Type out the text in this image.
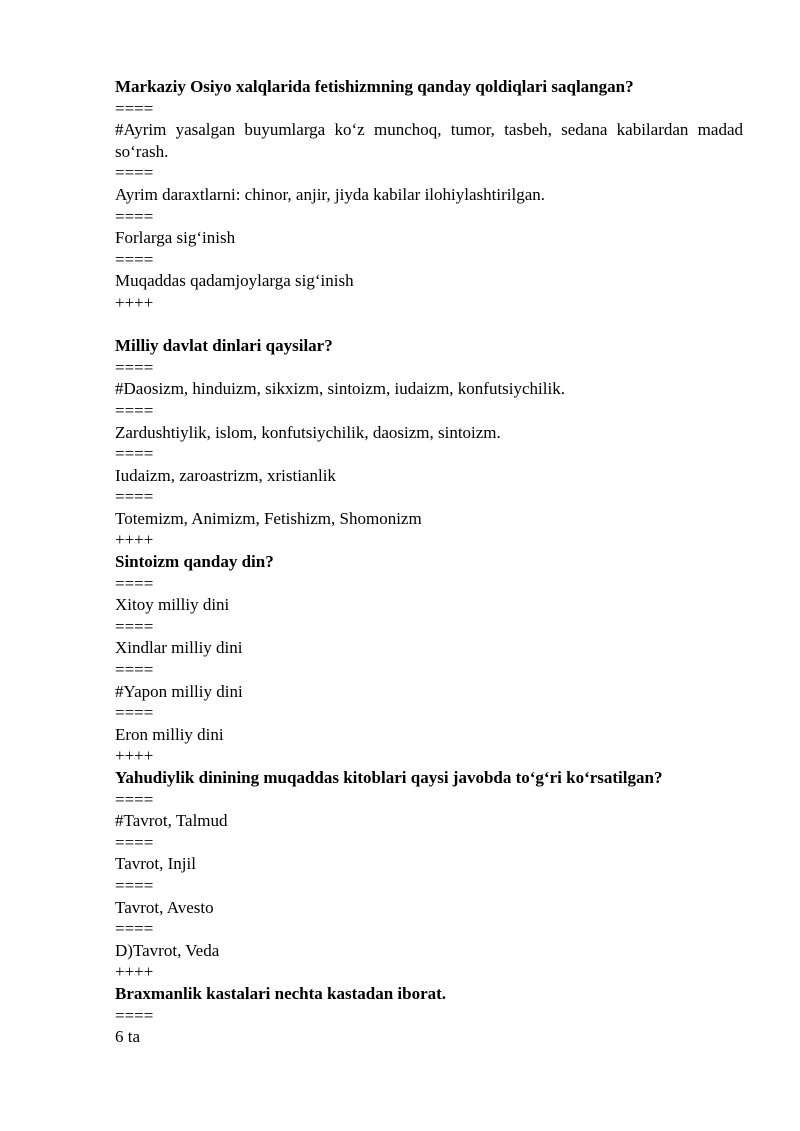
Markaziy Osiyo xalqlarida fetishizmning qanday qoldiqlari saqlangan?

====

#Ayrim yasalgan buyumlarga ko‘z munchoq, tumor, tasbeh, sedana kabilardan madad so‘rash.

====

Ayrim daraxtlarni: chinor, anjir, jiyda kabilar ilohiylashtirilgan.

====

Forlarga sig‘inish

====

Muqaddas qadamjoylarga sig‘inish

++++

Milliy davlat dinlari qaysilar?

====

#Daosizm, hinduizm, sikxizm, sintoizm, iudaizm, konfutsiychilik.

====

Zardushtiylik, islom, konfutsiychilik, daosizm, sintoizm.

====

Iudaizm, zaroastrizm, xristianlik

====

Totemizm, Animizm, Fetishizm, Shomonizm

++++

Sintoizm qanday din?

====

Xitoy milliy dini

====

Xindlar milliy dini

====

#Yapon milliy dini

====

Eron milliy dini

++++

Yahudiylik dinining muqaddas kitoblari qaysi javobda to‘g‘ri ko‘rsatilgan?

====

#Tavrot, Talmud

====

Tavrot, Injil

====

Tavrot, Avesto

====

D)Tavrot, Veda

++++

Braxmanlik kastalari nechta kastadan iborat.

====

6 ta
